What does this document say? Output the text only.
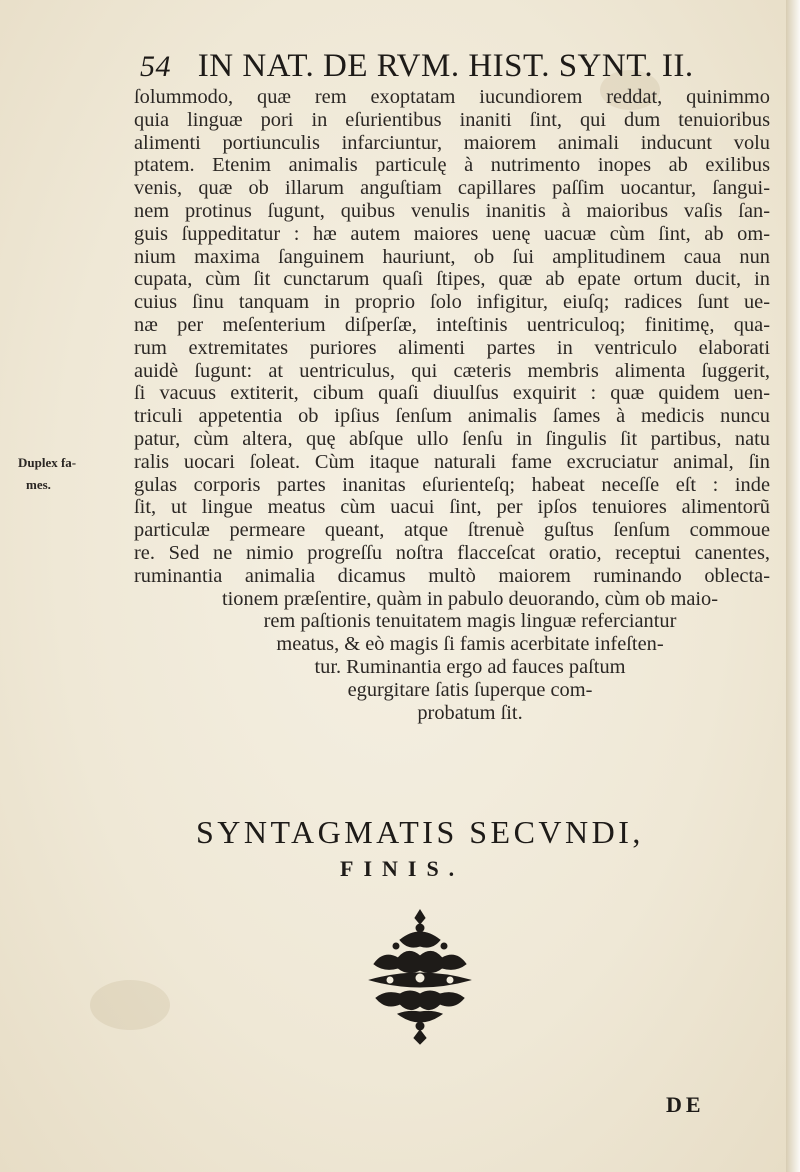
54 IN NAT. DE RVM. HIST. SYNT. II.
Duplex fa-
mes.
ſolummodo, quæ rem exoptatam iucundiorem reddat, quinimmo
quia linguæ pori in eſurientibus inaniti ſint, qui dum tenuioribus
alimenti portiunculis infarciuntur, maiorem animali inducunt volu
ptatem. Etenim animalis particulę à nutrimento inopes ab exilibus
venis, quæ ob illarum anguſtiam capillares paſſim uocantur, ſangui-
nem protinus ſugunt, quibus venulis inanitis à maioribus vaſis ſan-
guis ſuppeditatur : hæ autem maiores uenę uacuæ cùm ſint, ab om-
nium maxima ſanguinem hauriunt, ob ſui amplitudinem caua nun
cupata, cùm ſit cunctarum quaſi ſtipes, quæ ab epate ortum ducit, in
cuius ſinu tanquam in proprio ſolo infigitur, eiuſq; radices ſunt ue-
næ per meſenterium diſperſæ, inteſtinis uentriculoq; finitimę, qua-
rum extremitates puriores alimenti partes in ventriculo elaborati
auidè ſugunt: at uentriculus, qui cæteris membris alimenta ſuggerit,
ſi vacuus extiterit, cibum quaſi diuulſus exquirit : quæ quidem uen-
triculi appetentia ob ipſius ſenſum animalis ſames à medicis nuncu
patur, cùm altera, quę abſque ullo ſenſu in ſingulis ſit partibus, natu
ralis uocari ſoleat. Cùm itaque naturali fame excruciatur animal, ſin
gulas corporis partes inanitas eſurienteſq; habeat neceſſe eſt : inde
ſit, ut lingue meatus cùm uacui ſint, per ipſos tenuiores alimentorũ
particulæ permeare queant, atque ſtrenuè guſtus ſenſum commoue
re. Sed ne nimio progreſſu noſtra flacceſcat oratio, receptui canentes,
ruminantia animalia dicamus multò maiorem ruminando oblecta-
tionem præſentire, quàm in pabulo deuorando, cùm ob maio-
rem paſtionis tenuitatem magis linguæ referciantur
meatus, & eò magis ſi famis acerbitate infeſten-
tur. Ruminantia ergo ad fauces paſtum
egurgitare ſatis ſuperque com-
probatum ſit.
SYNTAGMATIS SECVNDI,
FINIS.
DE
